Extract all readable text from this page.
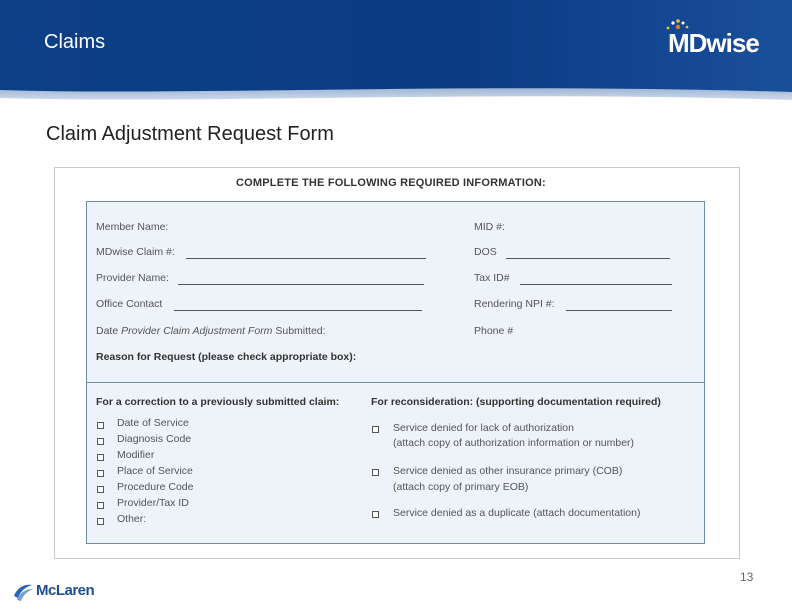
Claims	MDwise
Claim Adjustment Request Form
COMPLETE THE FOLLOWING REQUIRED INFORMATION:
Member Name:
MDwise Claim #:
Provider Name:
Office Contact
Date Provider Claim Adjustment Form Submitted:
Reason for Request (please check appropriate box):
MID #:
DOS
Tax ID#
Rendering NPI #:
Phone #
For a correction to a previously submitted claim:
Date of Service
Diagnosis Code
Modifier
Place of Service
Procedure Code
Provider/Tax ID
Other:
For reconsideration: (supporting documentation required)
Service denied for lack of authorization
(attach copy of authorization information or number)
Service denied as other insurance primary (COB)
(attach copy of primary EOB)
Service denied as a duplicate (attach documentation)
13
McLaren
